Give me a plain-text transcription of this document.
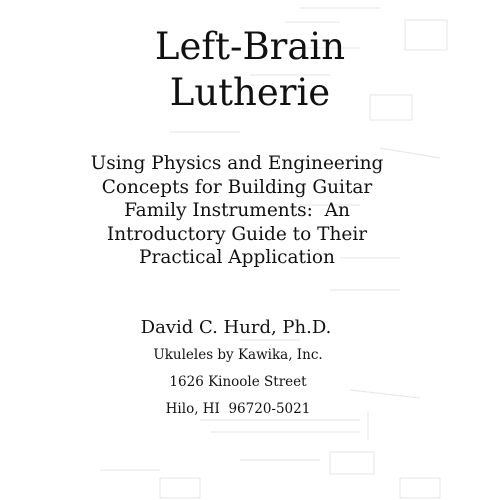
Left-Brain
Lutherie
Using Physics and Engineering
Concepts for Building Guitar
Family Instruments:  An
Introductory Guide to Their
Practical Application
David C. Hurd, Ph.D.
Ukuleles by Kawika, Inc.
1626 Kinoole Street
Hilo, HI  96720-5021
